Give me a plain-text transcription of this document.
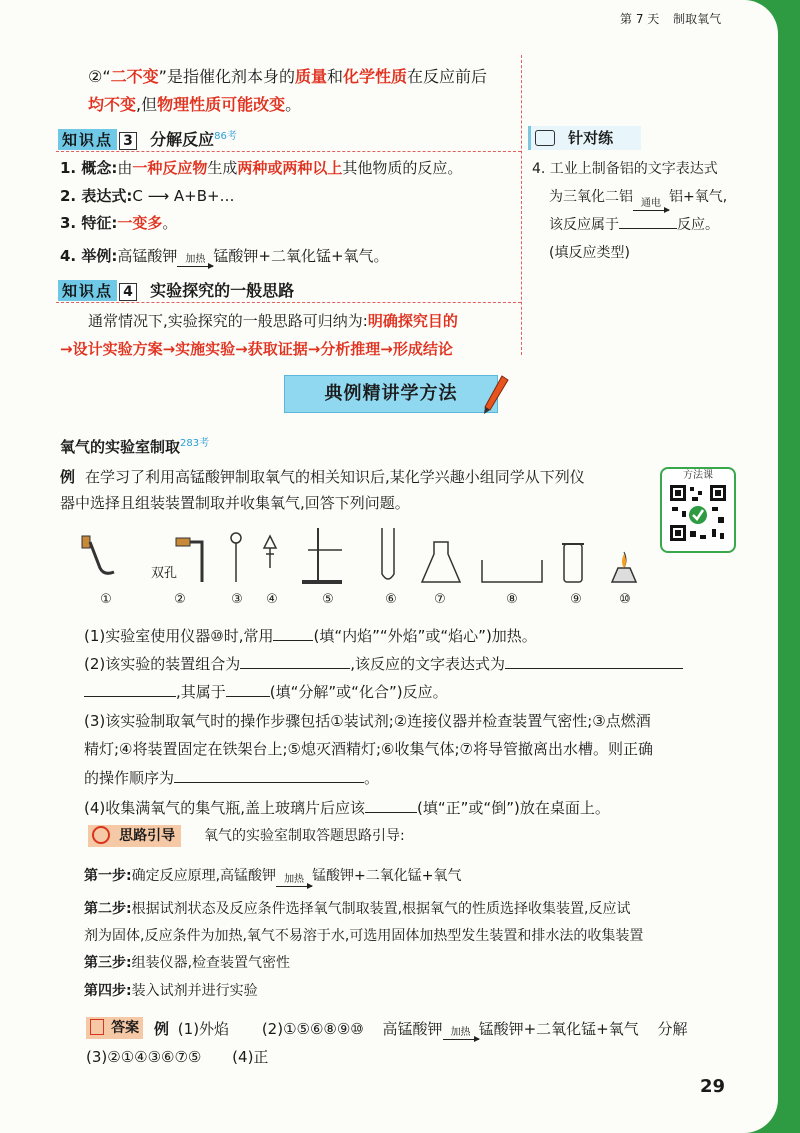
第 7 天 制取氧气
②“二不变”是指催化剂本身的质量和化学性质在反应前后
均不变,但物理性质可能改变。
知识点 3 分解反应$^{86考}$
1. 概念:由一种反应物生成两种或两种以上其他物质的反应。
2. 表达式:C ⟶ A+B+…
3. 特征:一变多。
4. 举例:高锰酸钾 加热 锰酸钾+二氧化锰+氧气。
知识点 4 实验探究的一般思路
通常情况下,实验探究的一般思路可归纳为:明确探究目的
→设计实验方案→实施实验→获取证据→分析推理→形成结论
针对练
4. 工业上制备铝的文字表达式
为三氧化二铝 通电 铝+氧气,
该反应属于	反应。
(填反应类型)
典例精讲学方法
氧气的实验室制取$^{283考}$
例 在学习了利用高锰酸钾制取氧气的相关知识后,某化学兴趣小组同学从下列仪
器中选择且组装装置制取并收集氧气,回答下列问题。
方法课
双孔
①	②	③	④	⑤	⑥	⑦	⑧	⑨	⑩
(1)实验室使用仪器⑩时,常用	(填“内焰”“外焰”或“焰心”)加热。
(2)该实验的装置组合为	,该反应的文字表达式为
,其属于	(填“分解”或“化合”)反应。
(3)该实验制取氧气时的操作步骤包括①装试剂;②连接仪器并检查装置气密性;③点燃酒
精灯;④将装置固定在铁架台上;⑤熄灭酒精灯;⑥收集气体;⑦将导管撤离出水槽。则正确
的操作顺序为	。
(4)收集满氧气的集气瓶,盖上玻璃片后应该	(填“正”或“倒”)放在桌面上。
思路引导	氧气的实验室制取答题思路引导:
第一步:确定反应原理,高锰酸钾 加热 锰酸钾+二氧化锰+氧气
第二步:根据试剂状态及反应条件选择氧气制取装置,根据氧气的性质选择收集装置,反应试
剂为固体,反应条件为加热,氧气不易溶于水,可选用固体加热型发生装置和排水法的收集装置
第三步:组装仪器,检查装置气密性
第四步:装入试剂并进行实验
答案 例 (1)外焰 (2)①⑤⑥⑧⑨⑩ 高锰酸钾 加热 锰酸钾+二氧化锰+氧气 分解
(3)②①④③⑥⑦⑤ (4)正
29
